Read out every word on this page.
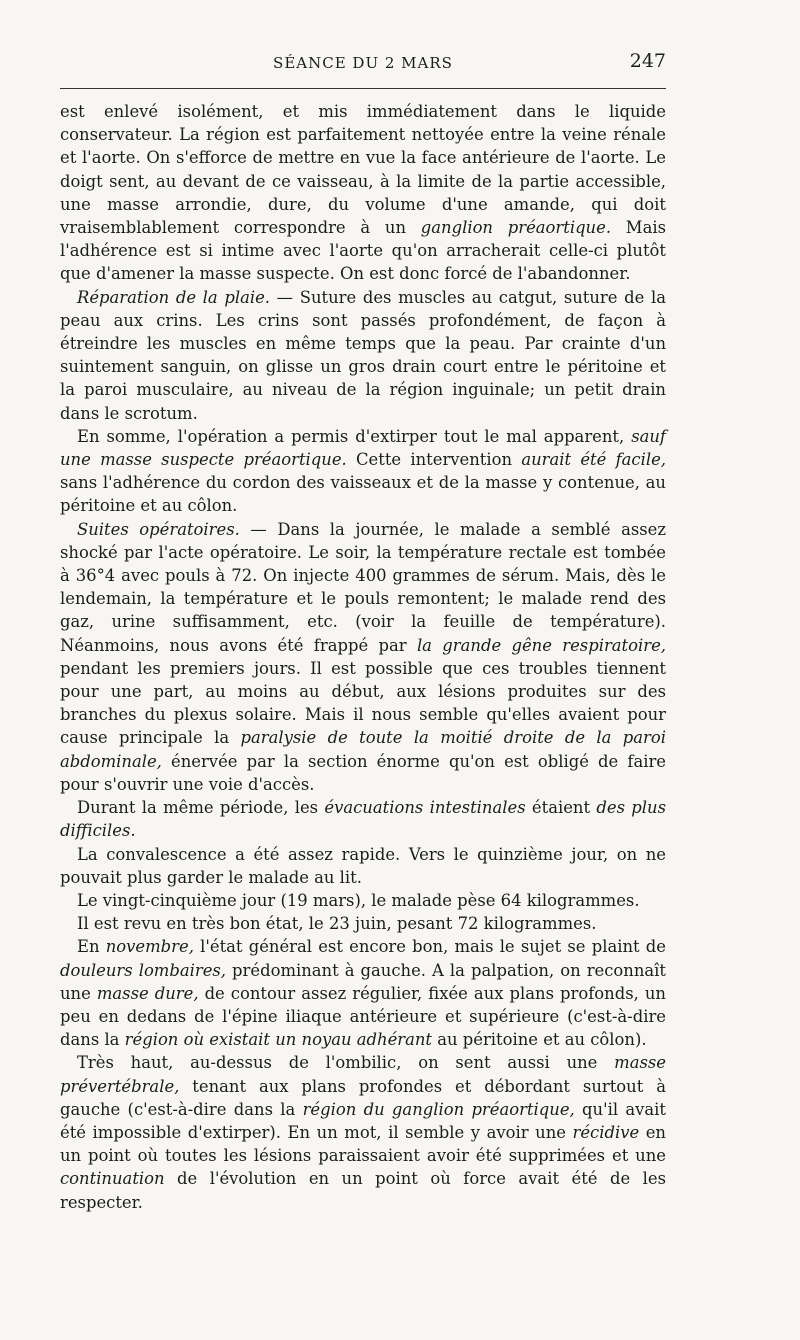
SÉANCE DU 2 MARS	247

est enlevé isolément, et mis immédiatement dans le liquide conservateur. La région est parfaitement nettoyée entre la veine rénale et l'aorte. On s'efforce de mettre en vue la face antérieure de l'aorte. Le doigt sent, au devant de ce vaisseau, à la limite de la partie accessible, une masse arrondie, dure, du volume d'une amande, qui doit vraisemblablement correspondre à un ganglion préaortique. Mais l'adhérence est si intime avec l'aorte qu'on arracherait celle-ci plutôt que d'amener la masse suspecte. On est donc forcé de l'abandonner.

Réparation de la plaie. — Suture des muscles au catgut, suture de la peau aux crins. Les crins sont passés profondément, de façon à étreindre les muscles en même temps que la peau. Par crainte d'un suintement sanguin, on glisse un gros drain court entre le péritoine et la paroi musculaire, au niveau de la région inguinale; un petit drain dans le scrotum.

En somme, l'opération a permis d'extirper tout le mal apparent, sauf une masse suspecte préaortique. Cette intervention aurait été facile, sans l'adhérence du cordon des vaisseaux et de la masse y contenue, au péritoine et au côlon.

Suites opératoires. — Dans la journée, le malade a semblé assez shocké par l'acte opératoire. Le soir, la température rectale est tombée à 36°4 avec pouls à 72. On injecte 400 grammes de sérum. Mais, dès le lendemain, la température et le pouls remontent; le malade rend des gaz, urine suffisamment, etc. (voir la feuille de température). Néanmoins, nous avons été frappé par la grande gêne respiratoire, pendant les premiers jours. Il est possible que ces troubles tiennent pour une part, au moins au début, aux lésions produites sur des branches du plexus solaire. Mais il nous semble qu'elles avaient pour cause principale la paralysie de toute la moitié droite de la paroi abdominale, énervée par la section énorme qu'on est obligé de faire pour s'ouvrir une voie d'accès.

Durant la même période, les évacuations intestinales étaient des plus difficiles.

La convalescence a été assez rapide. Vers le quinzième jour, on ne pouvait plus garder le malade au lit.

Le vingt-cinquième jour (19 mars), le malade pèse 64 kilogrammes.

Il est revu en très bon état, le 23 juin, pesant 72 kilogrammes.

En novembre, l'état général est encore bon, mais le sujet se plaint de douleurs lombaires, prédominant à gauche. A la palpation, on reconnaît une masse dure, de contour assez régulier, fixée aux plans profonds, un peu en dedans de l'épine iliaque antérieure et supérieure (c'est-à-dire dans la région où existait un noyau adhérant au péritoine et au côlon).

Très haut, au-dessus de l'ombilic, on sent aussi une masse prévertébrale, tenant aux plans profondes et débordant surtout à gauche (c'est-à-dire dans la région du ganglion préaortique, qu'il avait été impossible d'extirper). En un mot, il semble y avoir une récidive en un point où toutes les lésions paraissaient avoir été supprimées et une continuation de l'évolution en un point où force avait été de les respecter.
